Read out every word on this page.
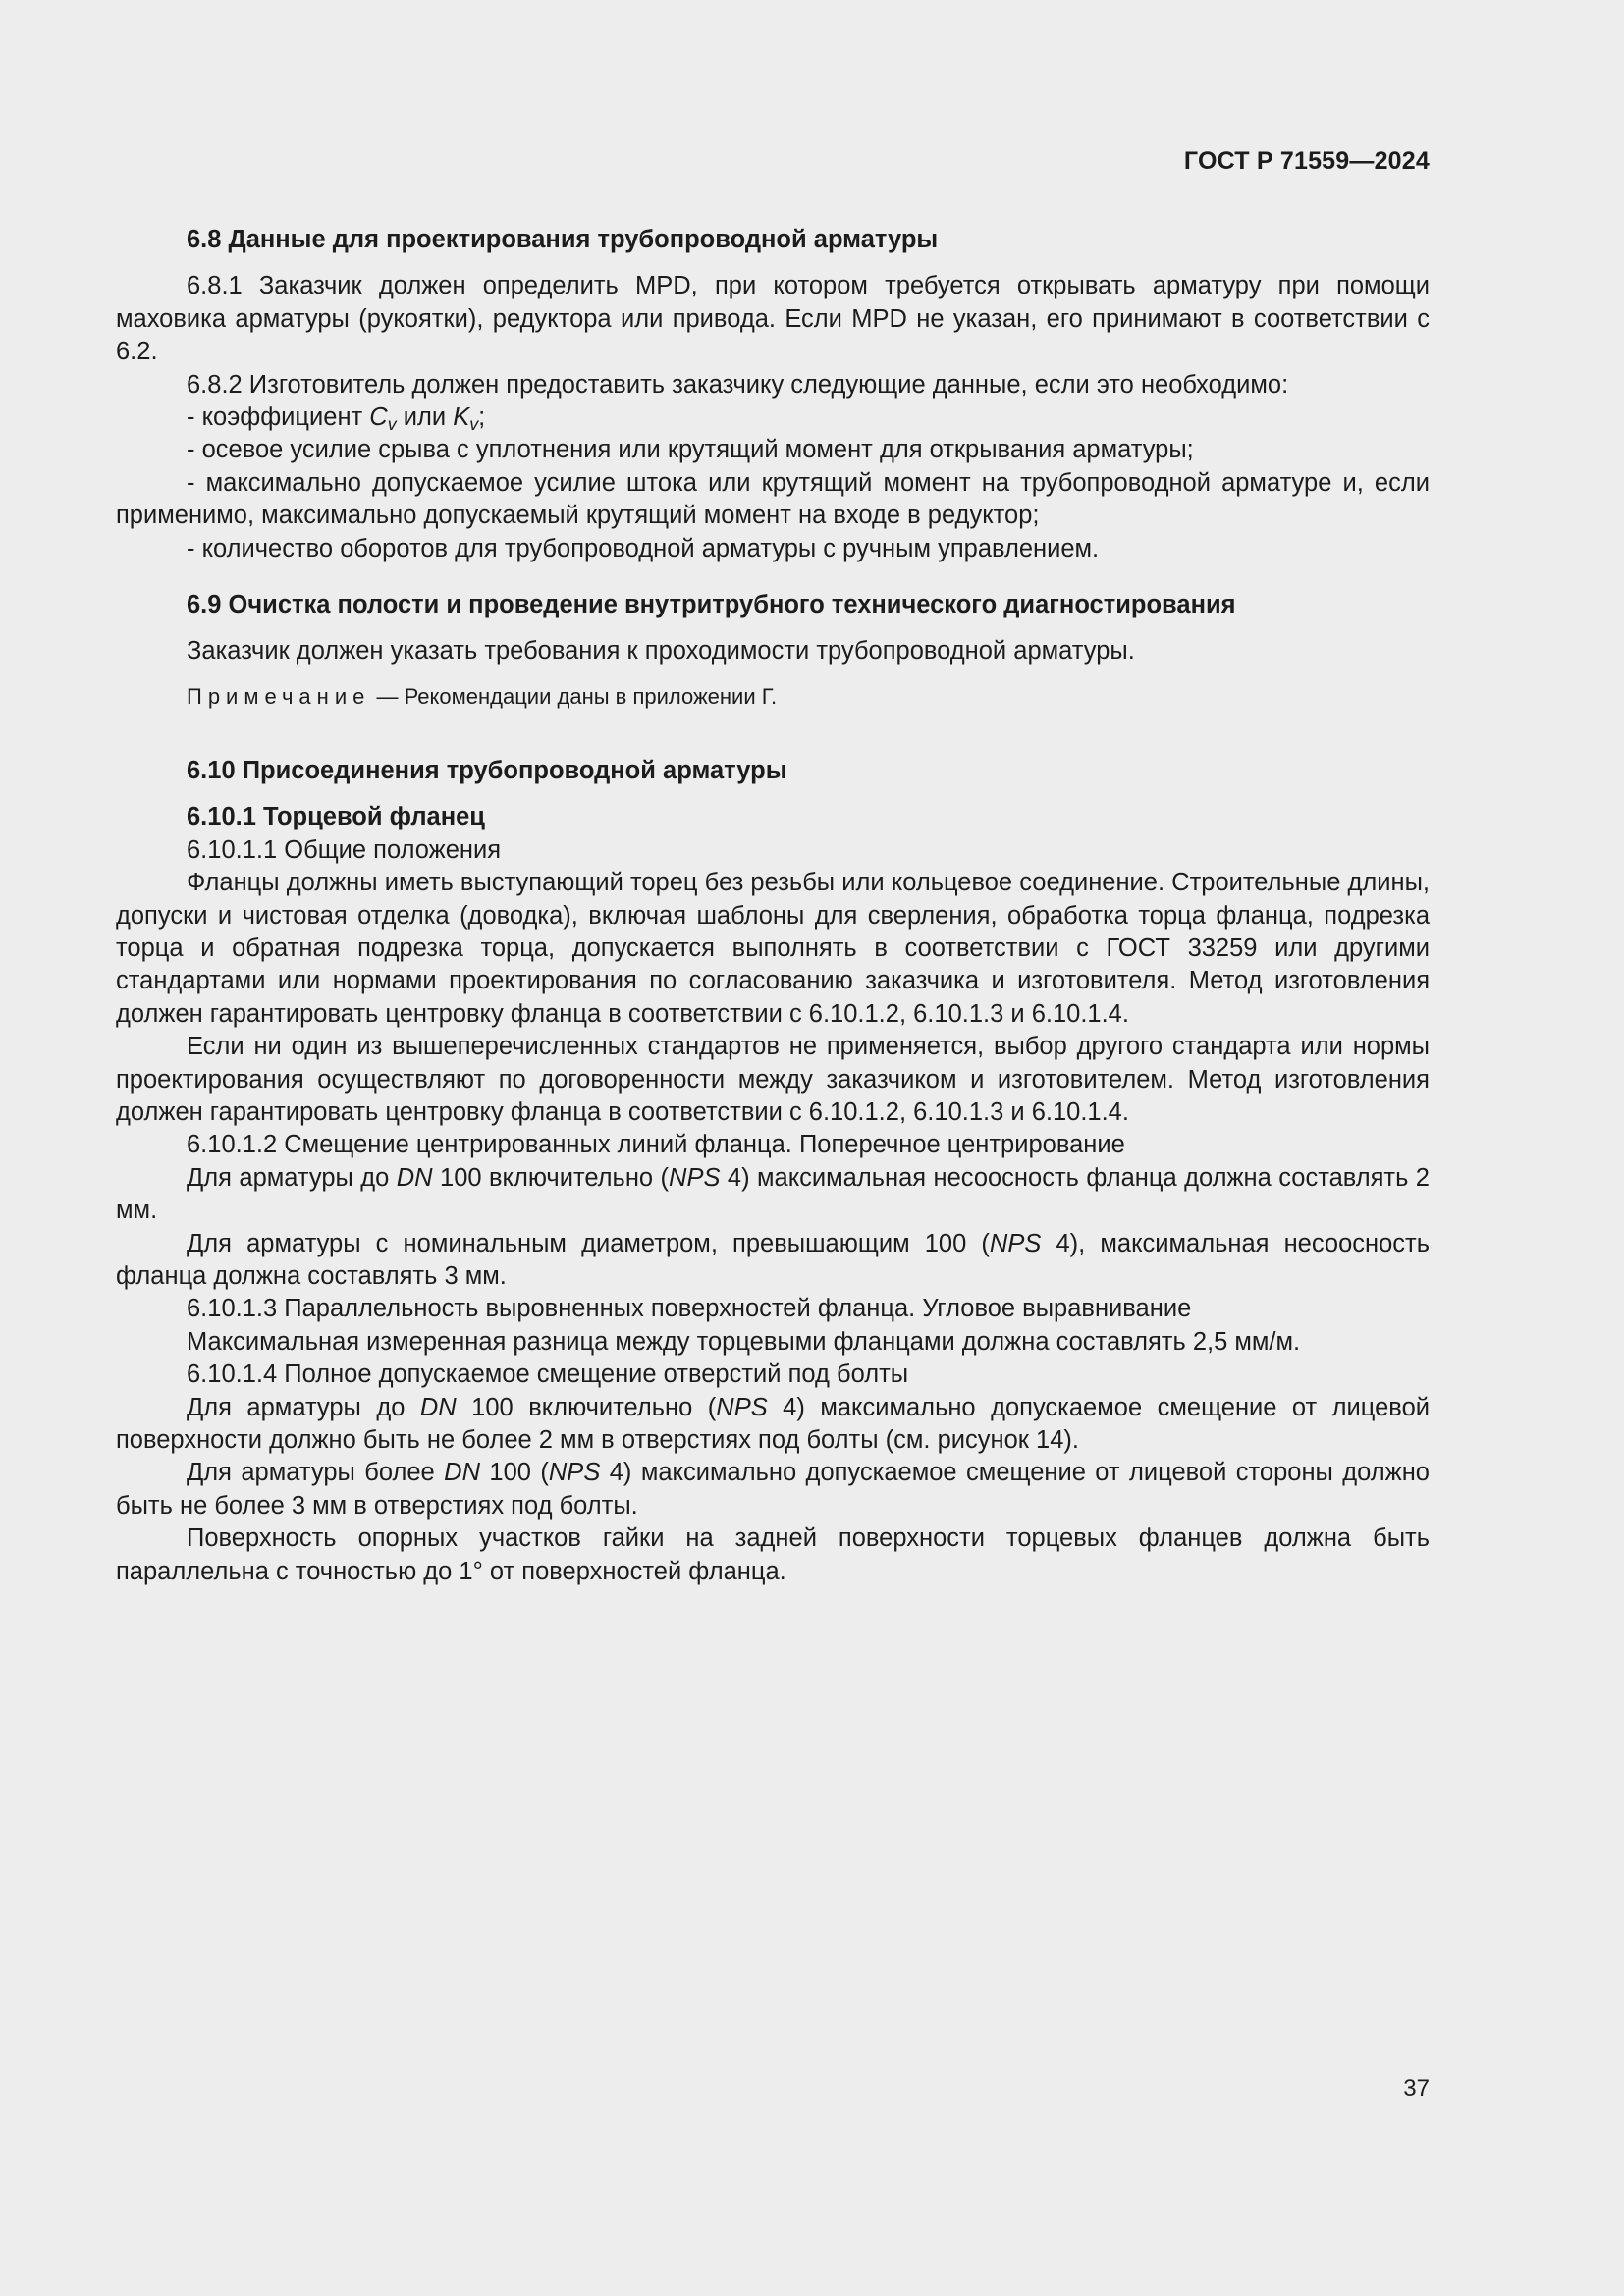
ГОСТ Р 71559—2024

6.8 Данные для проектирования трубопроводной арматуры

6.8.1 Заказчик должен определить MPD, при котором требуется открывать арматуру при помощи маховика арматуры (рукоятки), редуктора или привода. Если MPD не указан, его принимают в соответствии с 6.2.

6.8.2 Изготовитель должен предоставить заказчику следующие данные, если это необходимо:

- коэффициент $C_v$ или $K_v$;

- осевое усилие срыва с уплотнения или крутящий момент для открывания арматуры;

- максимально допускаемое усилие штока или крутящий момент на трубопроводной арматуре и, если применимо, максимально допускаемый крутящий момент на входе в редуктор;

- количество оборотов для трубопроводной арматуры с ручным управлением.

6.9 Очистка полости и проведение внутритрубного технического диагностирования

Заказчик должен указать требования к проходимости трубопроводной арматуры.

Примечание — Рекомендации даны в приложении Г.

6.10 Присоединения трубопроводной арматуры

6.10.1 Торцевой фланец

6.10.1.1 Общие положения

Фланцы должны иметь выступающий торец без резьбы или кольцевое соединение. Строительные длины, допуски и чистовая отделка (доводка), включая шаблоны для сверления, обработка торца фланца, подрезка торца и обратная подрезка торца, допускается выполнять в соответствии с ГОСТ 33259 или другими стандартами или нормами проектирования по согласованию заказчика и изготовителя. Метод изготовления должен гарантировать центровку фланца в соответствии с 6.10.1.2, 6.10.1.3 и 6.10.1.4.

Если ни один из вышеперечисленных стандартов не применяется, выбор другого стандарта или нормы проектирования осуществляют по договоренности между заказчиком и изготовителем. Метод изготовления должен гарантировать центровку фланца в соответствии с 6.10.1.2, 6.10.1.3 и 6.10.1.4.

6.10.1.2 Смещение центрированных линий фланца. Поперечное центрирование

Для арматуры до DN 100 включительно (NPS 4) максимальная несоосность фланца должна составлять 2 мм.

Для арматуры с номинальным диаметром, превышающим 100 (NPS 4), максимальная несоосность фланца должна составлять 3 мм.

6.10.1.3 Параллельность выровненных поверхностей фланца. Угловое выравнивание

Максимальная измеренная разница между торцевыми фланцами должна составлять 2,5 мм/м.

6.10.1.4 Полное допускаемое смещение отверстий под болты

Для арматуры до DN 100 включительно (NPS 4) максимально допускаемое смещение от лицевой поверхности должно быть не более 2 мм в отверстиях под болты (см. рисунок 14).

Для арматуры более DN 100 (NPS 4) максимально допускаемое смещение от лицевой стороны должно быть не более 3 мм в отверстиях под болты.

Поверхность опорных участков гайки на задней поверхности торцевых фланцев должна быть параллельна с точностью до 1° от поверхностей фланца.

37
